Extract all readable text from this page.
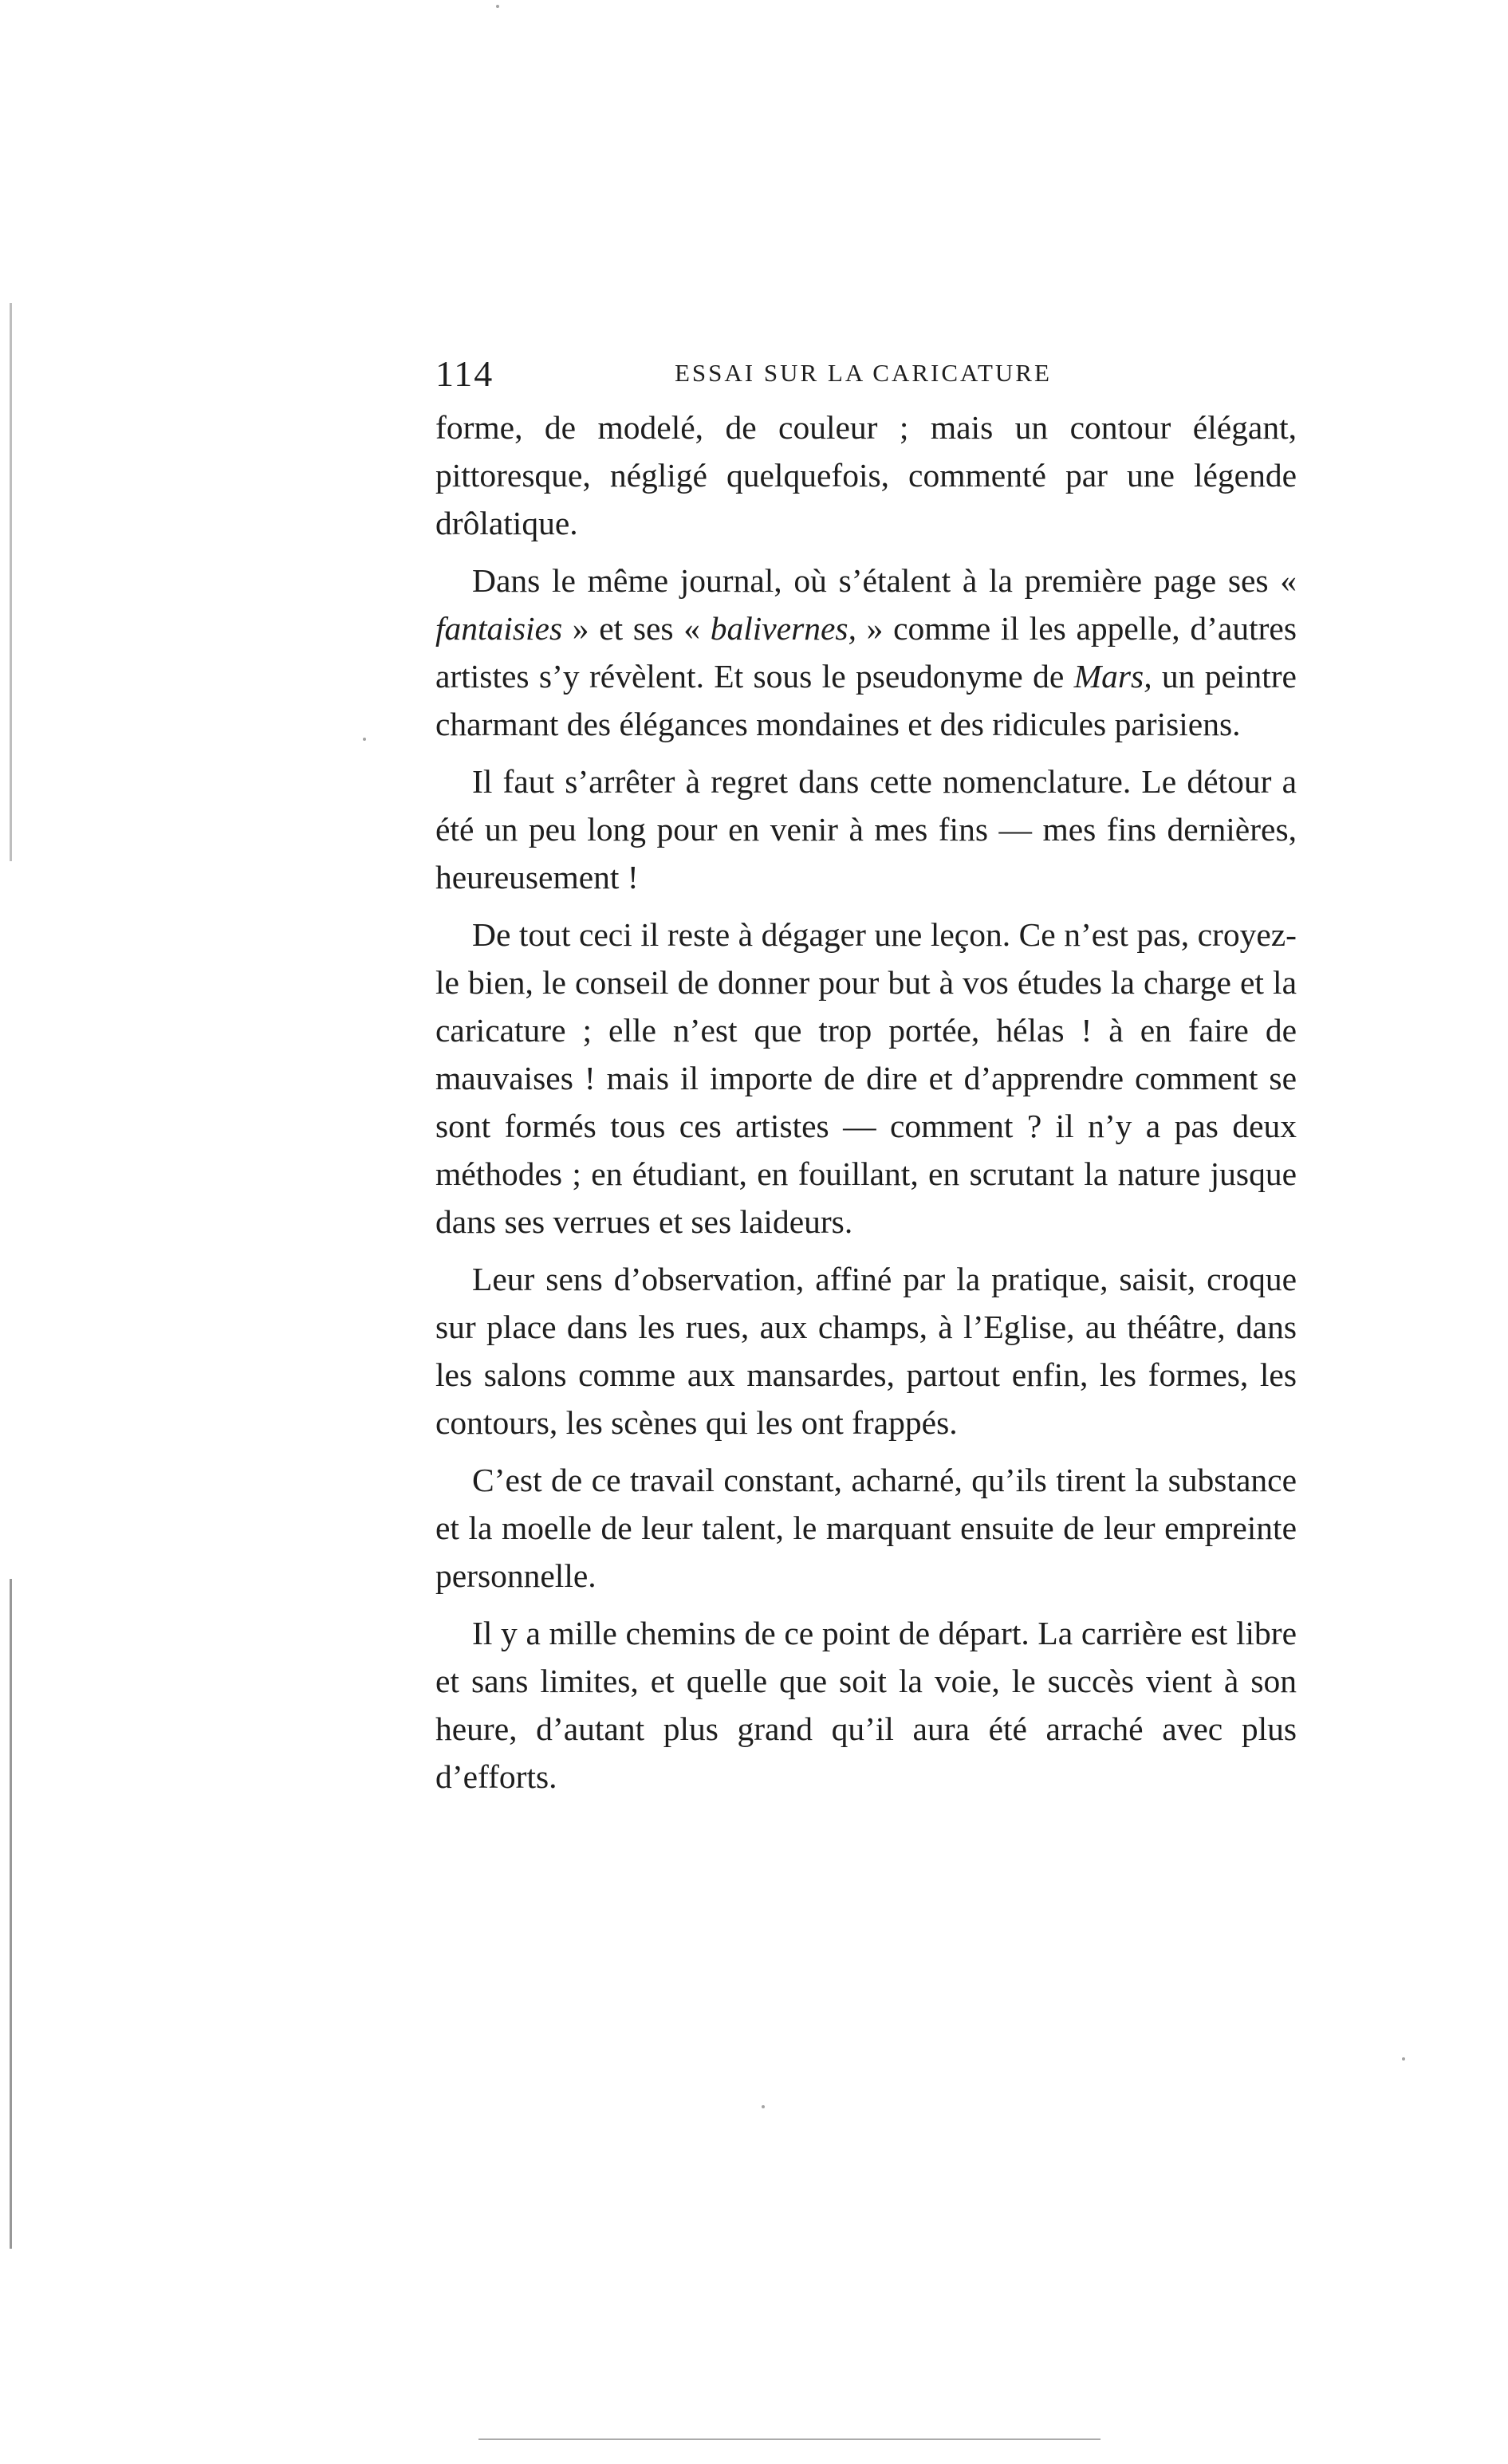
114	ESSAI SUR LA CARICATURE

forme, de modelé, de couleur ; mais un contour élégant, pittoresque, négligé quelquefois, commenté par une légende drôlatique.

Dans le même journal, où s’étalent à la première page ses « fantaisies » et ses « balivernes, » comme il les appelle, d’autres artistes s’y révèlent. Et sous le pseudonyme de Mars, un peintre charmant des élégances mondaines et des ridicules parisiens.

Il faut s’arrêter à regret dans cette nomenclature. Le détour a été un peu long pour en venir à mes fins — mes fins dernières, heureusement !

De tout ceci il reste à dégager une leçon. Ce n’est pas, croyez-le bien, le conseil de donner pour but à vos études la charge et la caricature ; elle n’est que trop portée, hélas ! à en faire de mauvaises ! mais il importe de dire et d’apprendre comment se sont formés tous ces artistes — comment ? il n’y a pas deux méthodes ; en étudiant, en fouillant, en scrutant la nature jusque dans ses verrues et ses laideurs.

Leur sens d’observation, affiné par la pratique, saisit, croque sur place dans les rues, aux champs, à l’Eglise, au théâtre, dans les salons comme aux mansardes, partout enfin, les formes, les contours, les scènes qui les ont frappés.

C’est de ce travail constant, acharné, qu’ils tirent la substance et la moelle de leur talent, le marquant ensuite de leur empreinte personnelle.

Il y a mille chemins de ce point de départ. La carrière est libre et sans limites, et quelle que soit la voie, le succès vient à son heure, d’autant plus grand qu’il aura été arraché avec plus d’efforts.
